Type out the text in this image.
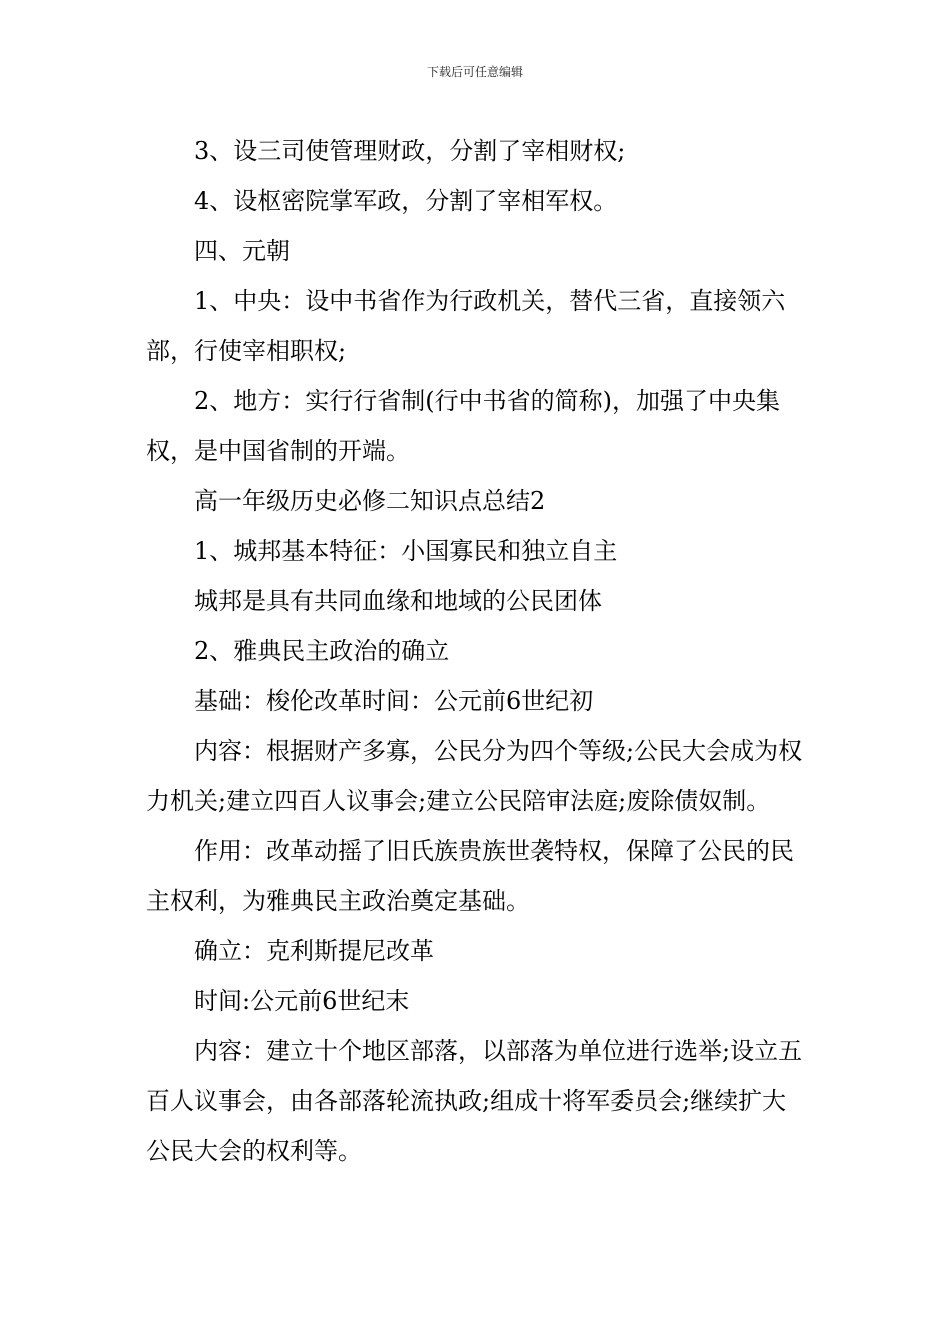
下载后可任意编辑

3、设三司使管理财政，分割了宰相财权;

4、设枢密院掌军政，分割了宰相军权。

四、元朝

1、中央：设中书省作为行政机关，替代三省，直接领六部，行使宰相职权;

2、地方：实行行省制(行中书省的简称)，加强了中央集权，是中国省制的开端。

高一年级历史必修二知识点总结2

1、城邦基本特征：小国寡民和独立自主

城邦是具有共同血缘和地域的公民团体

2、雅典民主政治的确立

基础：梭伦改革时间：公元前6世纪初

内容：根据财产多寡，公民分为四个等级;公民大会成为权力机关;建立四百人议事会;建立公民陪审法庭;废除债奴制。

作用：改革动摇了旧氏族贵族世袭特权，保障了公民的民主权利，为雅典民主政治奠定基础。

确立：克利斯提尼改革

时间:公元前6世纪末

内容：建立十个地区部落，以部落为单位进行选举;设立五百人议事会，由各部落轮流执政;组成十将军委员会;继续扩大公民大会的权利等。
